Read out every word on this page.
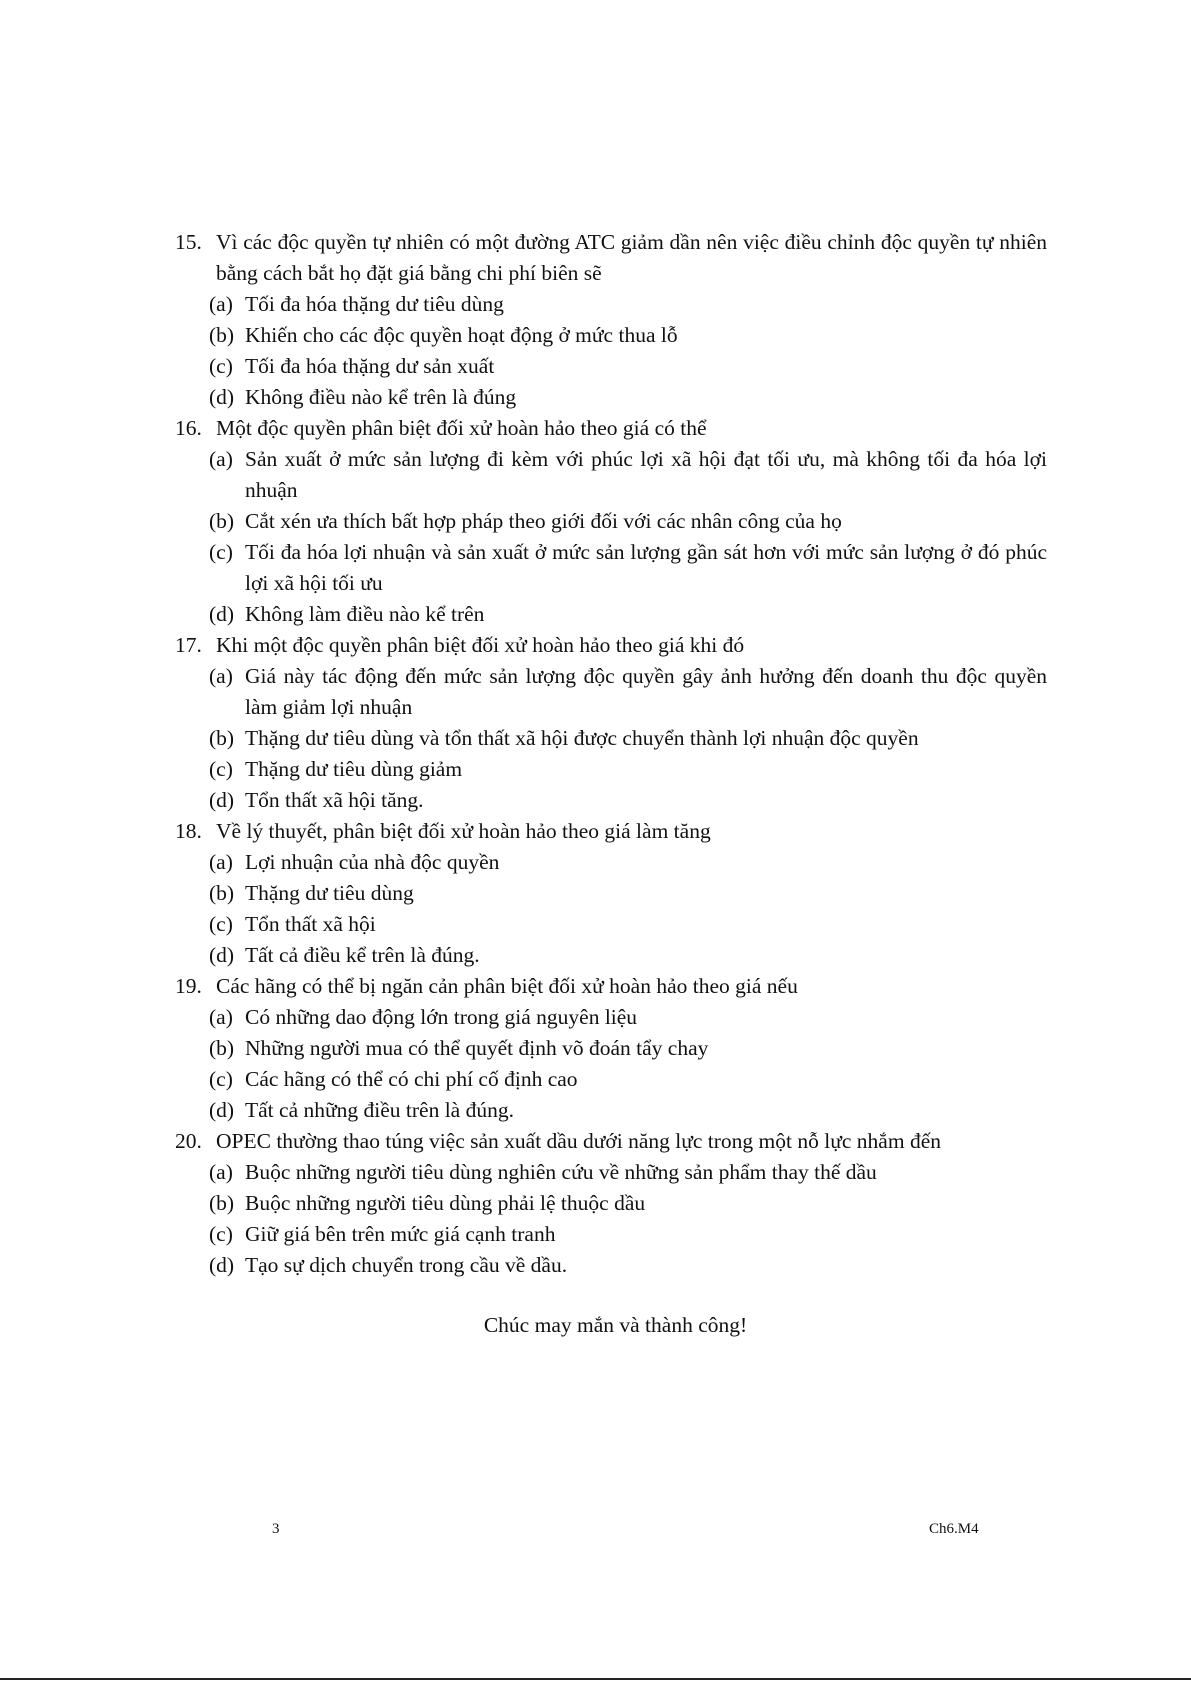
15. Vì các độc quyền tự nhiên có một đường ATC giảm dần nên việc điều chỉnh độc quyền tự nhiên bằng cách bắt họ đặt giá bằng chi phí biên sẽ
(a) Tối đa hóa thặng dư tiêu dùng
(b) Khiến cho các độc quyền hoạt động ở mức thua lỗ
(c) Tối đa hóa thặng dư sản xuất
(d) Không điều nào kể trên là đúng
16. Một độc quyền phân biệt đối xử hoàn hảo theo giá có thể
(a) Sản xuất ở mức sản lượng đi kèm với phúc lợi xã hội đạt tối ưu, mà không tối đa hóa lợi nhuận
(b) Cắt xén ưa thích bất hợp pháp theo giới đối với các nhân công của họ
(c) Tối đa hóa lợi nhuận và sản xuất ở mức sản lượng gần sát hơn với mức sản lượng ở đó phúc lợi xã hội tối ưu
(d) Không làm điều nào kể trên
17. Khi một độc quyền phân biệt đối xử hoàn hảo theo giá khi đó
(a) Giá này tác động đến mức sản lượng độc quyền gây ảnh hưởng đến doanh thu độc quyền làm giảm lợi nhuận
(b) Thặng dư tiêu dùng và tổn thất xã hội được chuyển thành lợi nhuận độc quyền
(c) Thặng dư tiêu dùng giảm
(d) Tổn thất xã hội tăng.
18. Về lý thuyết, phân biệt đối xử hoàn hảo theo giá làm tăng
(a) Lợi nhuận của nhà độc quyền
(b) Thặng dư tiêu dùng
(c) Tổn thất xã hội
(d) Tất cả điều kể trên là đúng.
19. Các hãng có thể bị ngăn cản phân biệt đối xử hoàn hảo theo giá nếu
(a) Có những dao động lớn trong giá nguyên liệu
(b) Những người mua có thể quyết định võ đoán tẩy chay
(c) Các hãng có thể có chi phí cố định cao
(d) Tất cả những điều trên là đúng.
20. OPEC thường thao túng việc sản xuất dầu dưới năng lực trong một nỗ lực nhắm đến
(a) Buộc những người tiêu dùng nghiên cứu về những sản phẩm thay thế dầu
(b) Buộc những người tiêu dùng phải lệ thuộc dầu
(c) Giữ giá bên trên mức giá cạnh tranh
(d) Tạo sự dịch chuyển trong cầu về dầu.
Chúc may mắn và thành công!
3	Ch6.M4
